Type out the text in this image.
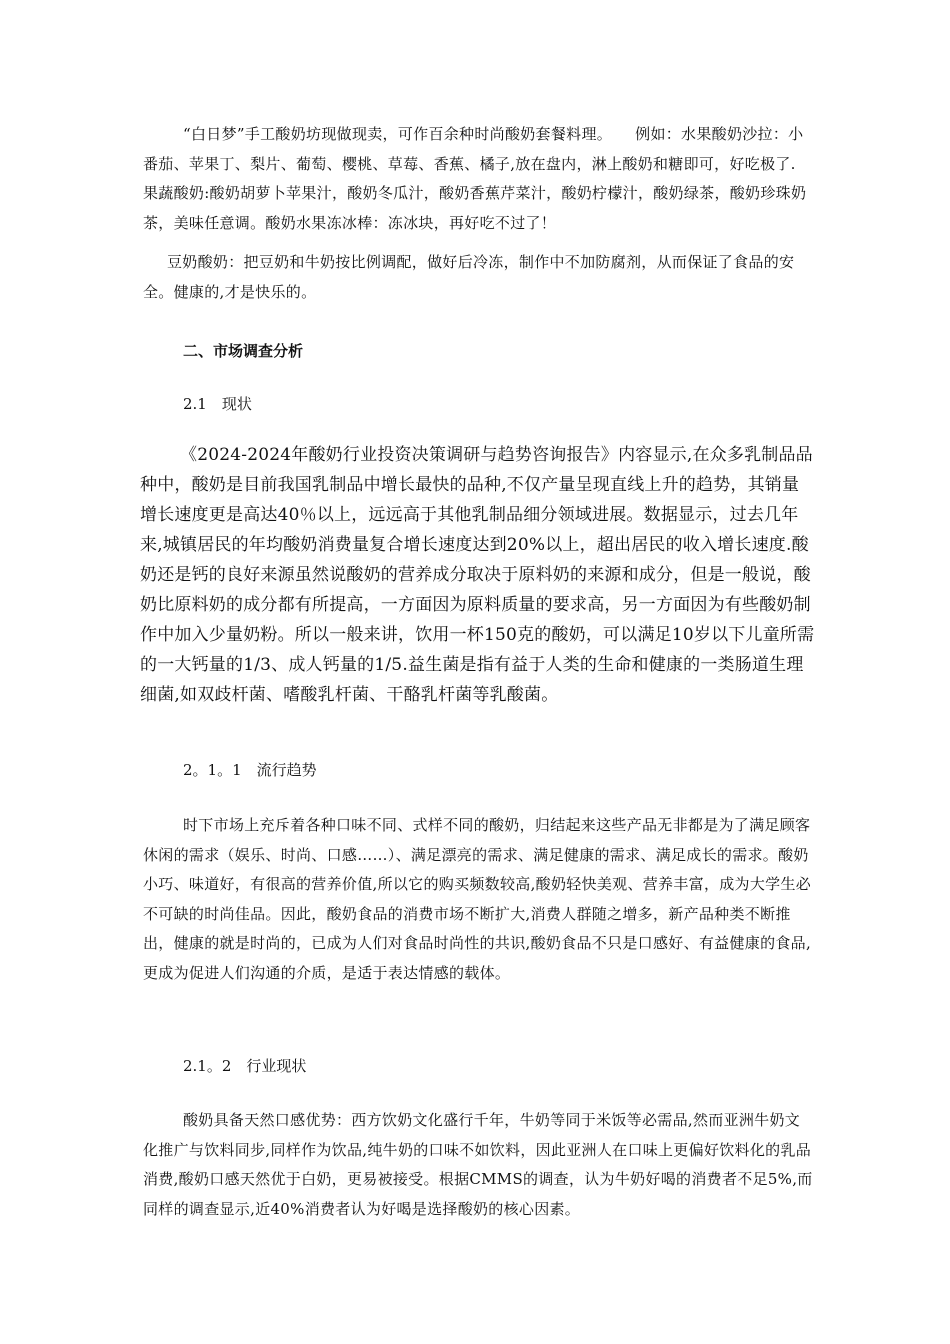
“白日梦”手工酸奶坊现做现卖，可作百余种时尚酸奶套餐料理。　　例如：水果酸奶沙拉：小番茄、苹果丁、梨片、葡萄、樱桃、草莓、香蕉、橘子,放在盘内，淋上酸奶和糖即可，好吃极了.　果蔬酸奶:酸奶胡萝卜苹果汁，酸奶冬瓜汁，酸奶香蕉芹菜汁，酸奶柠檬汁，酸奶绿茶，酸奶珍珠奶茶，美味任意调。酸奶水果冻冰棒：冻冰块，再好吃不过了！

豆奶酸奶：把豆奶和牛奶按比例调配，做好后冷冻，制作中不加防腐剂，从而保证了食品的安全。健康的,才是快乐的。

二、市场调查分析
2.1　现状

《2024-2024年酸奶行业投资决策调研与趋势咨询报告》内容显示,在众多乳制品品种中，酸奶是目前我国乳制品中增长最快的品种,不仅产量呈现直线上升的趋势，其销量增长速度更是高达40％以上，远远高于其他乳制品细分领域进展。数据显示，过去几年来,城镇居民的年均酸奶消费量复合增长速度达到20%以上，超出居民的收入增长速度.酸奶还是钙的良好来源虽然说酸奶的营养成分取决于原料奶的来源和成分，但是一般说，酸奶比原料奶的成分都有所提高，一方面因为原料质量的要求高，另一方面因为有些酸奶制作中加入少量奶粉。所以一般来讲，饮用一杯150克的酸奶，可以满足10岁以下儿童所需的一大钙量的1/3、成人钙量的1/5.益生菌是指有益于人类的生命和健康的一类肠道生理细菌,如双歧杆菌、嗜酸乳杆菌、干酪乳杆菌等乳酸菌。

2。1。1　流行趋势

时下市场上充斥着各种口味不同、式样不同的酸奶，归结起来这些产品无非都是为了满足顾客休闲的需求（娱乐、时尚、口感……）、满足漂亮的需求、满足健康的需求、满足成长的需求。酸奶小巧、味道好，有很高的营养价值,所以它的购买频数较高,酸奶轻快美观、营养丰富，成为大学生必不可缺的时尚佳品。因此，酸奶食品的消费市场不断扩大,消费人群随之增多，新产品种类不断推出，健康的就是时尚的，已成为人们对食品时尚性的共识,酸奶食品不只是口感好、有益健康的食品,更成为促进人们沟通的介质，是适于表达情感的载体。

2.1。2　行业现状

酸奶具备天然口感优势：西方饮奶文化盛行千年，牛奶等同于米饭等必需品,然而亚洲牛奶文化推广与饮料同步,同样作为饮品,纯牛奶的口味不如饮料，因此亚洲人在口味上更偏好饮料化的乳品消费,酸奶口感天然优于白奶，更易被接受。根据CMMS的调查，认为牛奶好喝的消费者不足5%,而同样的调查显示,近40%消费者认为好喝是选择酸奶的核心因素。
